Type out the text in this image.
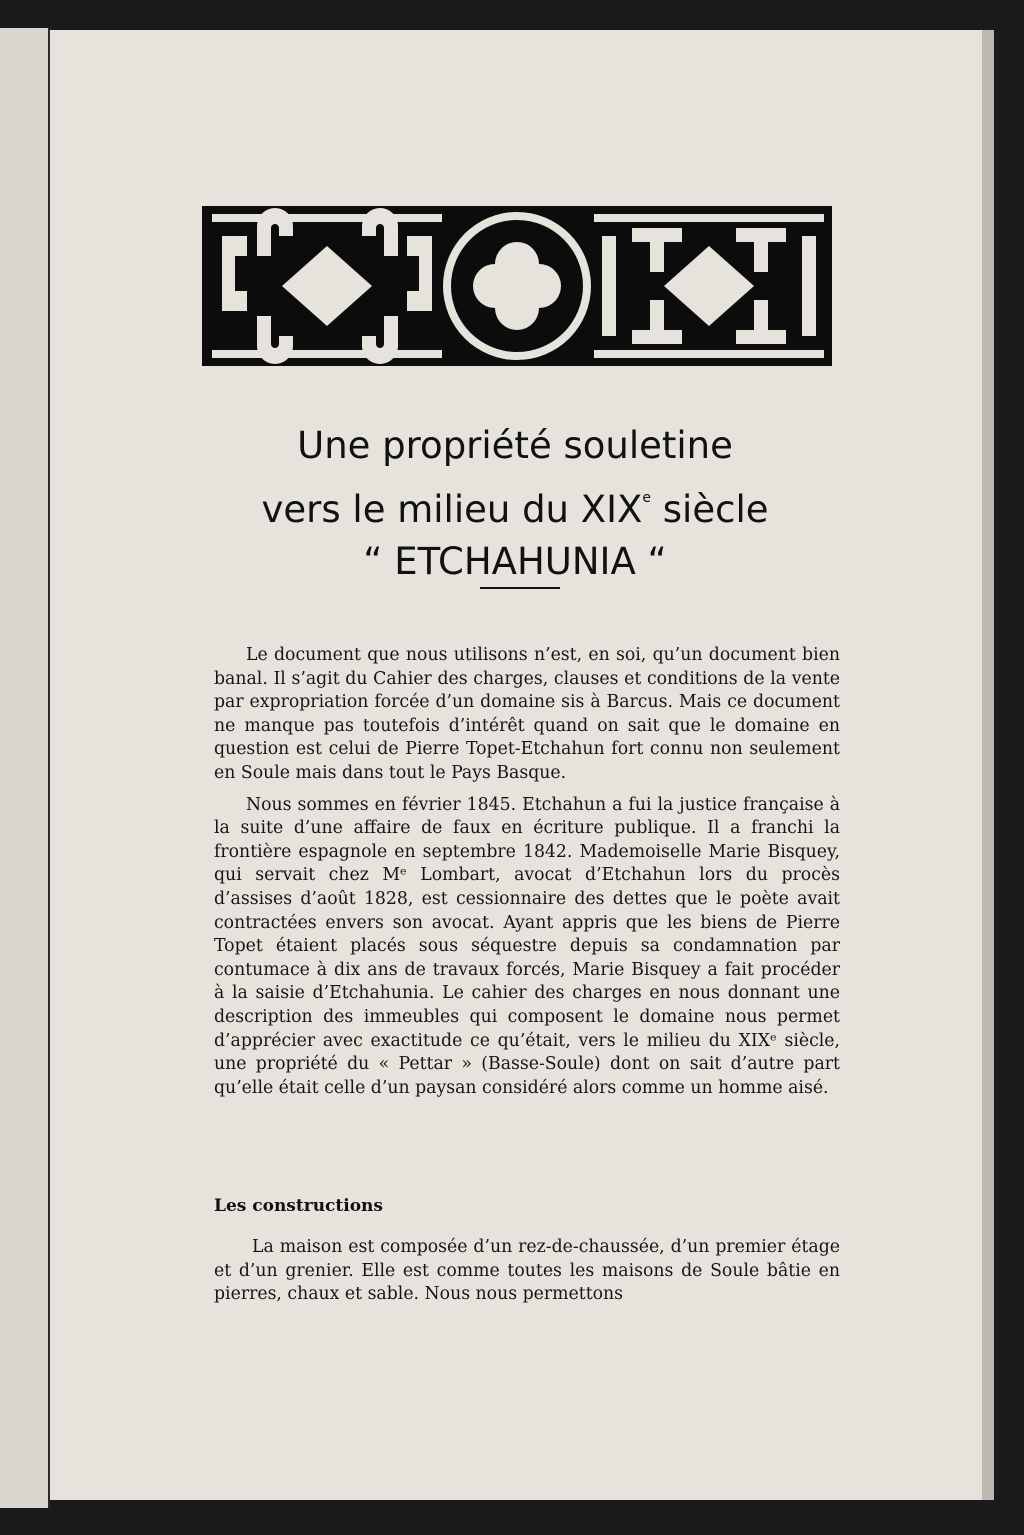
Une propriété souletine
vers le milieu du XIXe siècle
“ ETCHAHUNIA “

Le document que nous utilisons n’est, en soi, qu’un document bien banal. Il s’agit du Cahier des charges, clauses et conditions de la vente par expropriation forcée d’un domaine sis à Barcus. Mais ce document ne manque pas toutefois d’intérêt quand on sait que le domaine en question est celui de Pierre Topet-Etchahun fort connu non seulement en Soule mais dans tout le Pays Basque.

Nous sommes en février 1845. Etchahun a fui la justice française à la suite d’une affaire de faux en écriture publique. Il a franchi la frontière espagnole en septembre 1842. Mademoiselle Marie Bisquey, qui servait chez Mᵉ Lombart, avocat d’Etchahun lors du procès d’assises d’août 1828, est cessionnaire des dettes que le poète avait contractées envers son avocat. Ayant appris que les biens de Pierre Topet étaient placés sous séquestre depuis sa condamnation par contumace à dix ans de travaux forcés, Marie Bisquey a fait procéder à la saisie d’Etchahunia. Le cahier des charges en nous donnant une description des immeubles qui composent le domaine nous permet d’apprécier avec exactitude ce qu’était, vers le milieu du XIXᵉ siècle, une propriété du « Pettar » (Basse-Soule) dont on sait d’autre part qu’elle était celle d’un paysan considéré alors comme un homme aisé.

Les constructions

La maison est composée d’un rez-de-chaussée, d’un premier étage et d’un grenier. Elle est comme toutes les maisons de Soule bâtie en pierres, chaux et sable. Nous nous permettons
